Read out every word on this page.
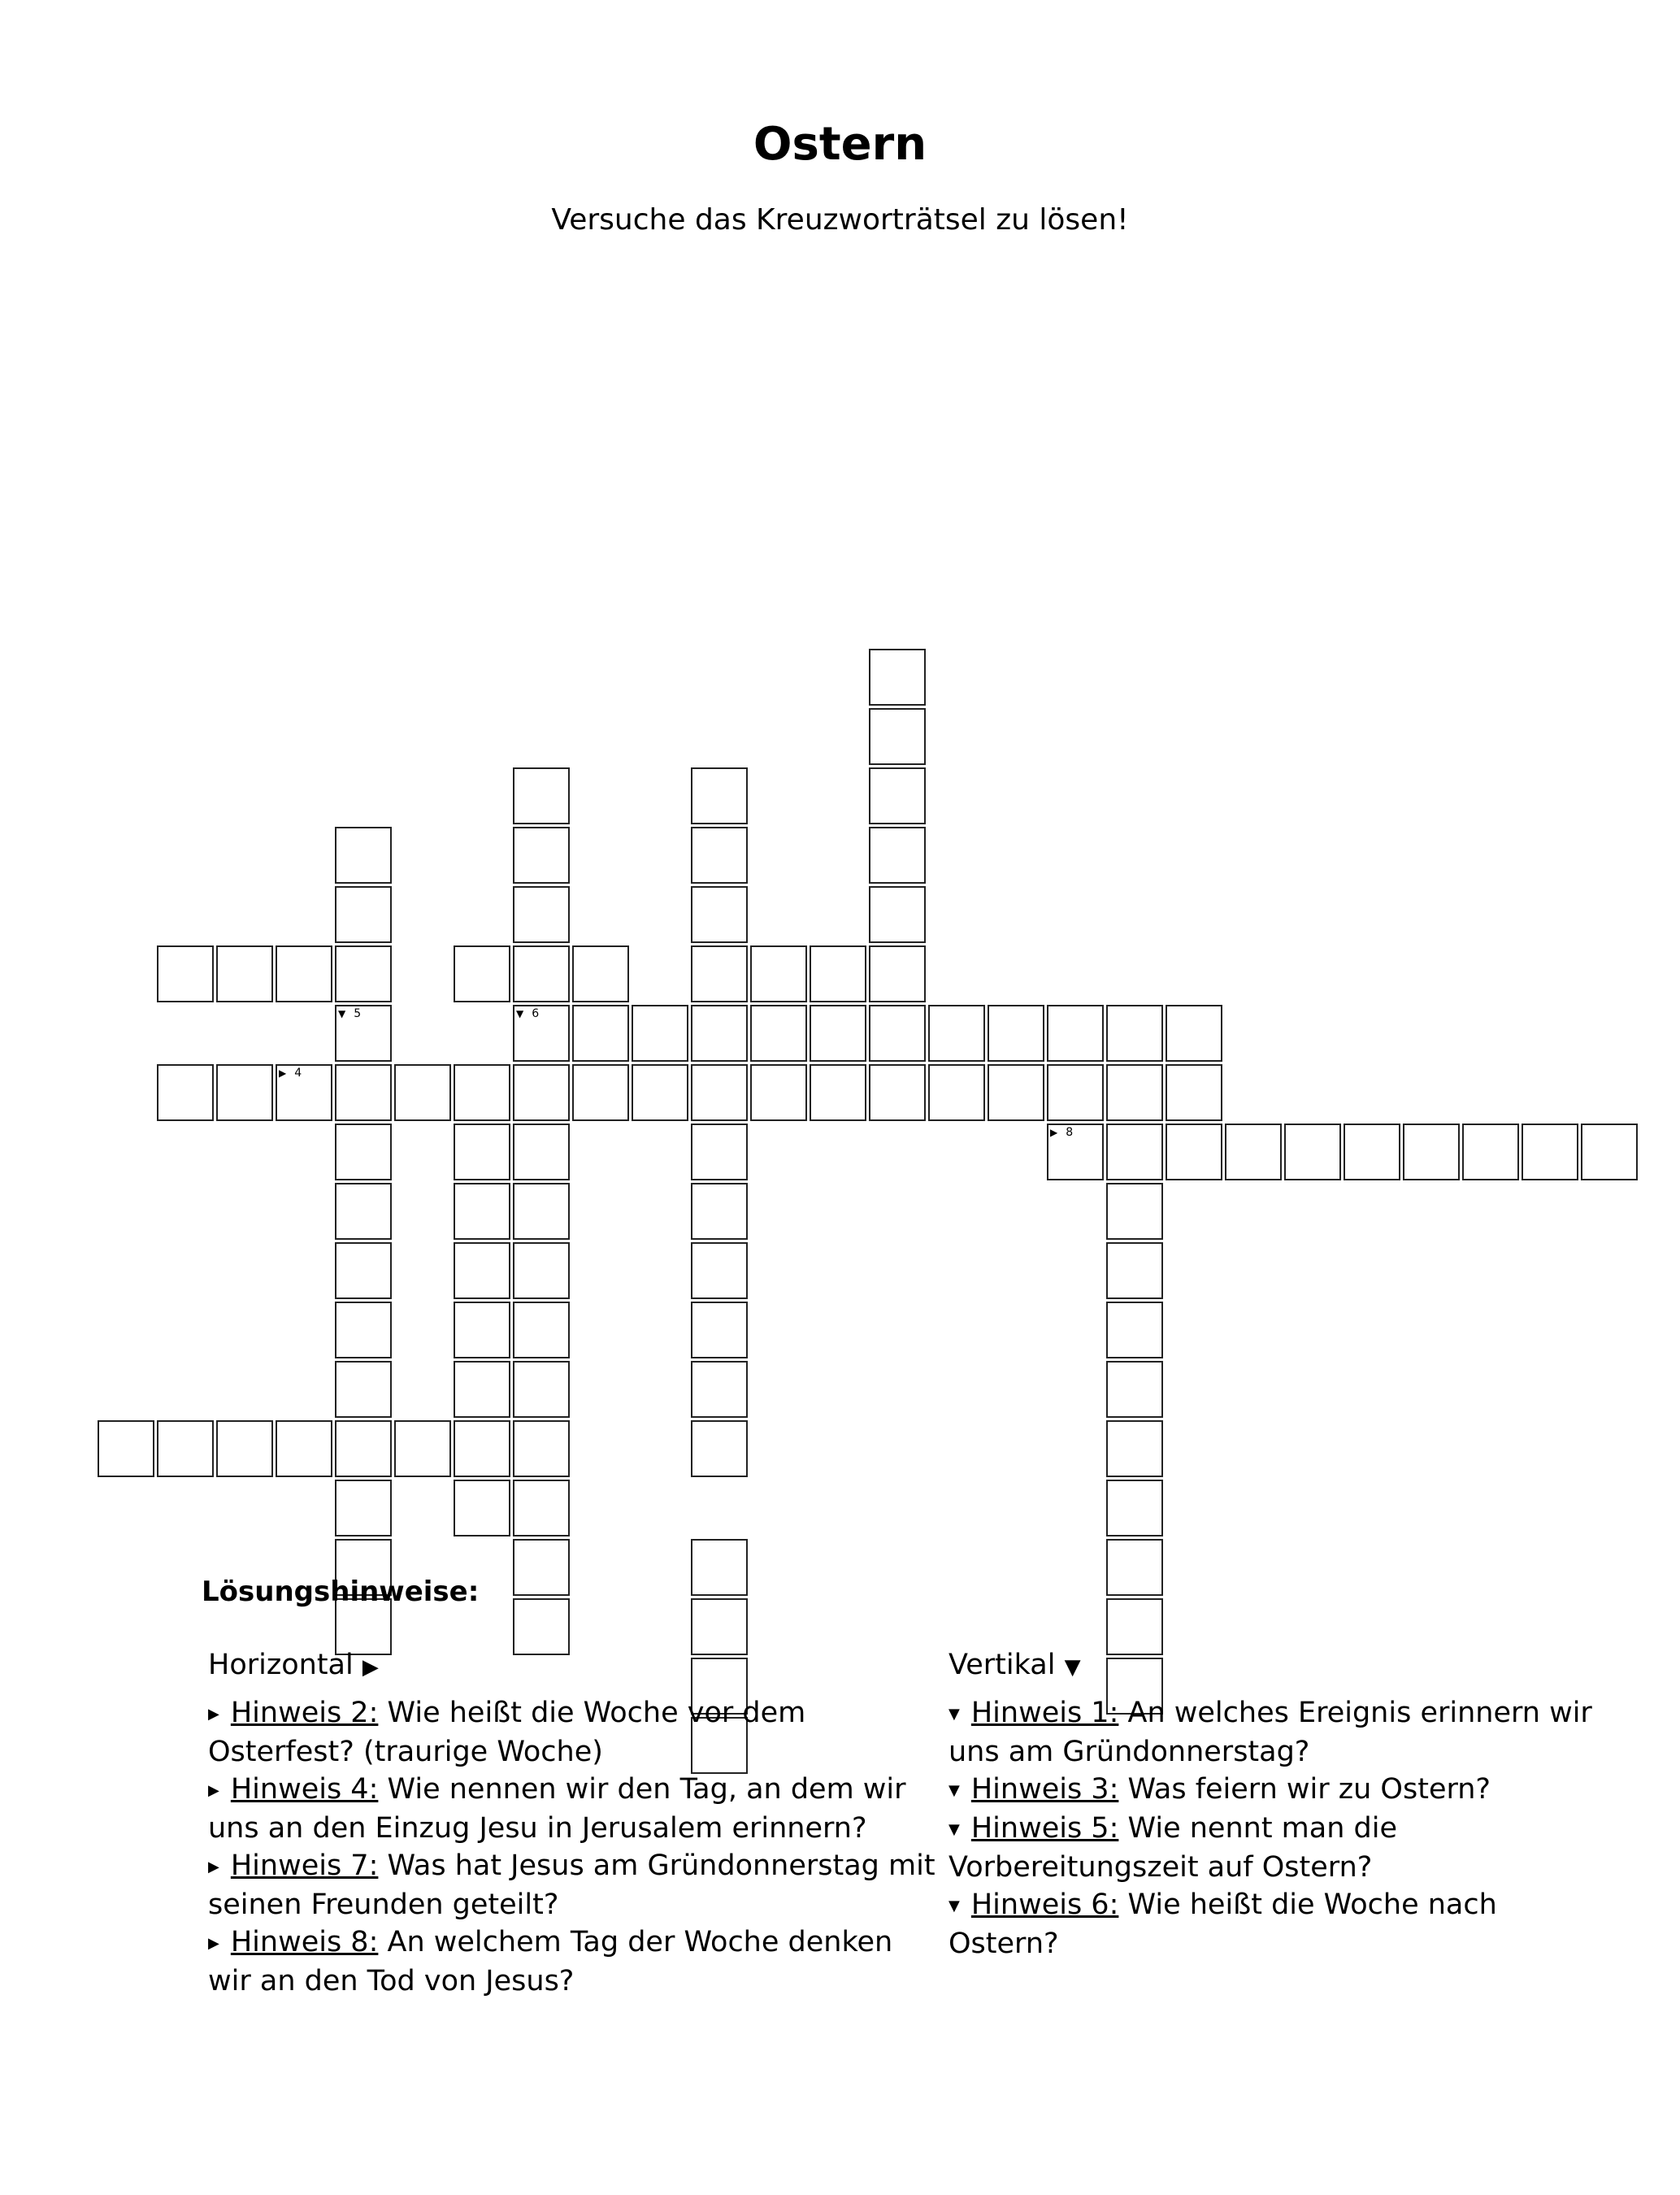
Ostern
Versuche das Kreuzworträtsel zu lösen!
▼ 6
▶ 4
▼ 5
▶ 8
Lösungshinweise:
Horizontal ▶
▶ Hinweis 2: Wie heißt die Woche vor dem Osterfest? (traurige Woche)
▶ Hinweis 4: Wie nennen wir den Tag, an dem wir uns an den Einzug Jesu in Jerusalem erinnern?
▶ Hinweis 7: Was hat Jesus am Gründonnerstag mit seinen Freunden geteilt?
▶ Hinweis 8: An welchem Tag der Woche denken wir an den Tod von Jesus?
Vertikal ▼
▼ Hinweis 1: An welches Ereignis erinnern wir uns am Gründonnerstag?
▼ Hinweis 3: Was feiern wir zu Ostern?
▼ Hinweis 5: Wie nennt man die Vorbereitungszeit auf Ostern?
▼ Hinweis 6: Wie heißt die Woche nach Ostern?
